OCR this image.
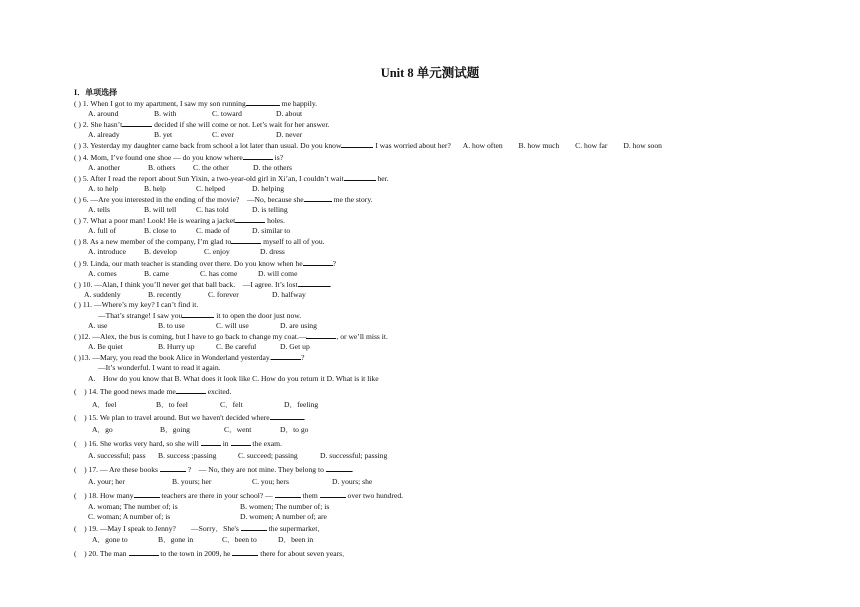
Unit 8 单元测试题
I．单项选择
( ) 1. When I got to my apartment, I saw my son running	me happily.
A. around	B. with	C. toward	D. about
( ) 2. She hasn’t	decided if she will come or not. Let’s wait for her answer.
A. already	B. yet	C. ever	D. never
( ) 3. Yesterday my daughter came back from school a lot later than usual. Do you know	I was worried about her? A. how often B. how much C. how far D. how soon
( ) 4. Mom, I’ve found one shoe — do you know where	is?
A. another	B. others	C. the other	D. the others
( ) 5. After I read the report about Sun Yixin, a two-year-old girl in Xi’an, I couldn’t wait	her.
A. to help	B. help	C. helped	D. helping
( ) 6. —Are you interested in the ending of the movie?　—No, because she	me the story.
A. tells	B. will tell	C. has told	D. is telling
( ) 7. What a poor man! Look! He is wearing a jacket	holes.
A. full of	B. close to	C. made of	D. similar to
( ) 8. As a new member of the company, I’m glad to	myself to all of you.
A. introduce	B. develop	C. enjoy	D. dress
( ) 9. Linda, our math teacher is standing over there. Do you know when he	?
A. comes	B. came	C. has come	D. will come
( ) 10. —Alan, I think you’ll never get that ball back.　—I agree. It’s lost	.
A. suddenly	B. recently	C. forever	D. halfway
( ) 11. —Where’s my key? I can’t find it.
—That’s strange! I saw you	it to open the door just now.
A. use	B. to use	C. will use	D. are using
( )12. —Alex, the bus is coming, but I have to go back to change my coat.—	, or we’ll miss it.
A. Be quiet	B. Hurry up	C. Be careful	D. Get up
( )13. —Mary, you read the book Alice in Wonderland yesterday.	?
—It’s wonderful. I want to read it again.
A.　How do you know that B. What does it look like C. How do you return it D. What is it like
(　) 14. The good news made me	excited.
A．feel	B．to feel	C．felt	D．feeling
(　) 15. We plan to travel around. But we haven't decided where	.
A．go	B．going	C．went	D．to go
(　) 16. She works very hard, so she will	in	the exam.
A. successful; pass	B. success ;passing	C. succeed; passing	D. successful; passing
(　) 17. — Are these books	?　— No, they are not mine. They belong to	.
A. your; her	B. yours; her	C. you; hers	D. yours; she
(　) 18. How many	teachers are there in your school? —	them	over two hundred.
A. woman; The number of; is	B. women; The number of; is
C. woman; A number of; is	D. women; A number of; are
(　) 19. —May I speak to Jenny?　　—Sorry．She's	the supermarket．
A．gone to	B．gone in	C．been to	D．been in
(　) 20. The man	to the town in 2009, he	there for about seven years．
